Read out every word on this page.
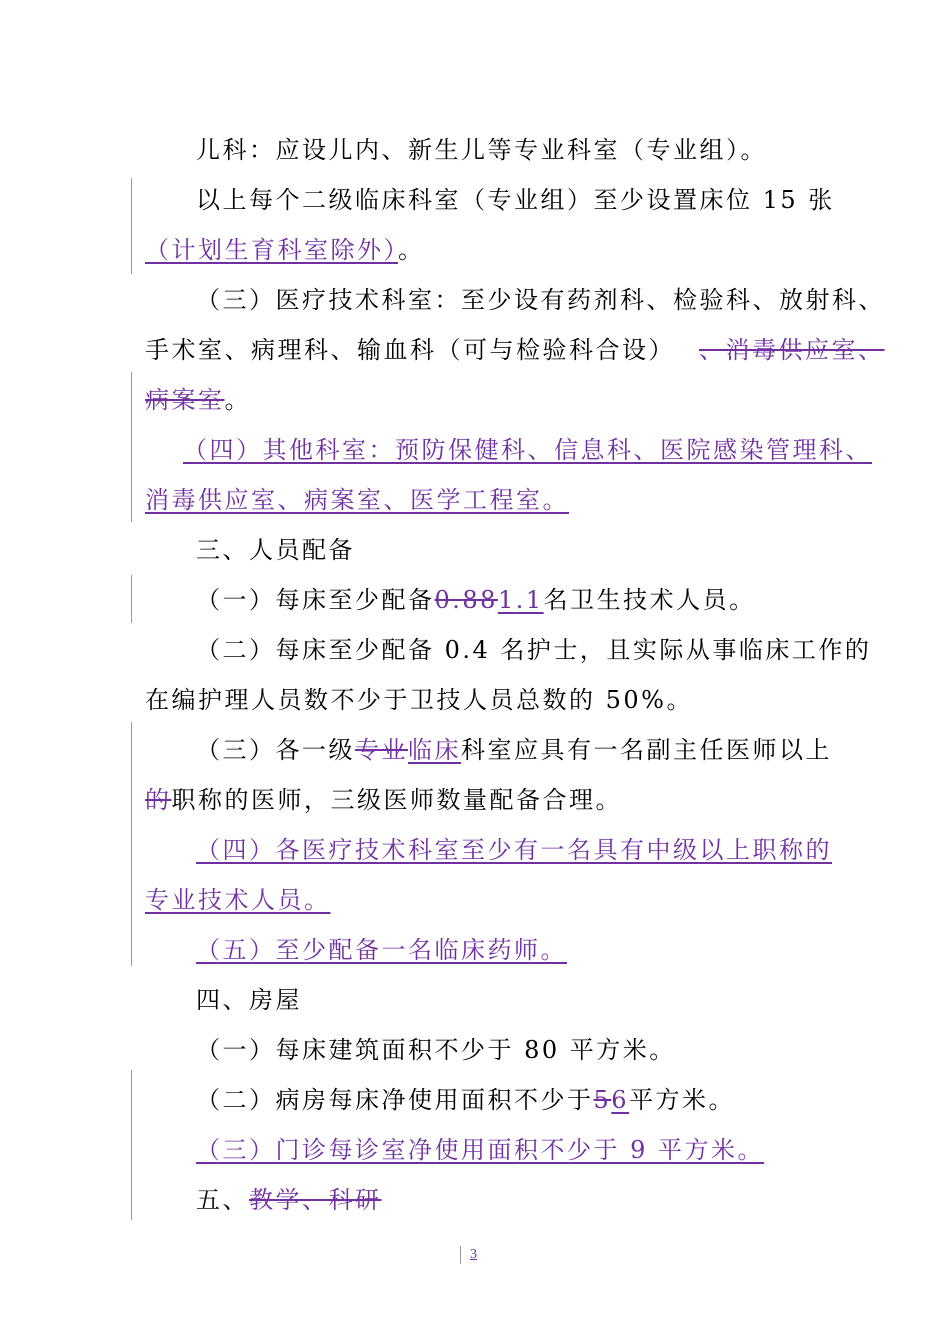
儿科：应设儿内、新生儿等专业科室（专业组）。
以上每个二级临床科室（专业组）至少设置床位 15 张
（计划生育科室除外）。
（三）医疗技术科室：至少设有药剂科、检验科、放射科、
手术室、病理科、输血科（可与检验科合设） 、消毒供应室、
病案室。
（四）其他科室：预防保健科、信息科、医院感染管理科、
消毒供应室、病案室、医学工程室。
三、人员配备
（一）每床至少配备0.881.1名卫生技术人员。
（二）每床至少配备 0.4 名护士，且实际从事临床工作的
在编护理人员数不少于卫技人员总数的 50%。
（三）各一级专业临床科室应具有一名副主任医师以上
的职称的医师，三级医师数量配备合理。
（四）各医疗技术科室至少有一名具有中级以上职称的
专业技术人员。
（五）至少配备一名临床药师。
四、房屋
（一）每床建筑面积不少于 80 平方米。
（二）病房每床净使用面积不少于56平方米。
（三）门诊每诊室净使用面积不少于 9 平方米。
五、教学、科研
3
